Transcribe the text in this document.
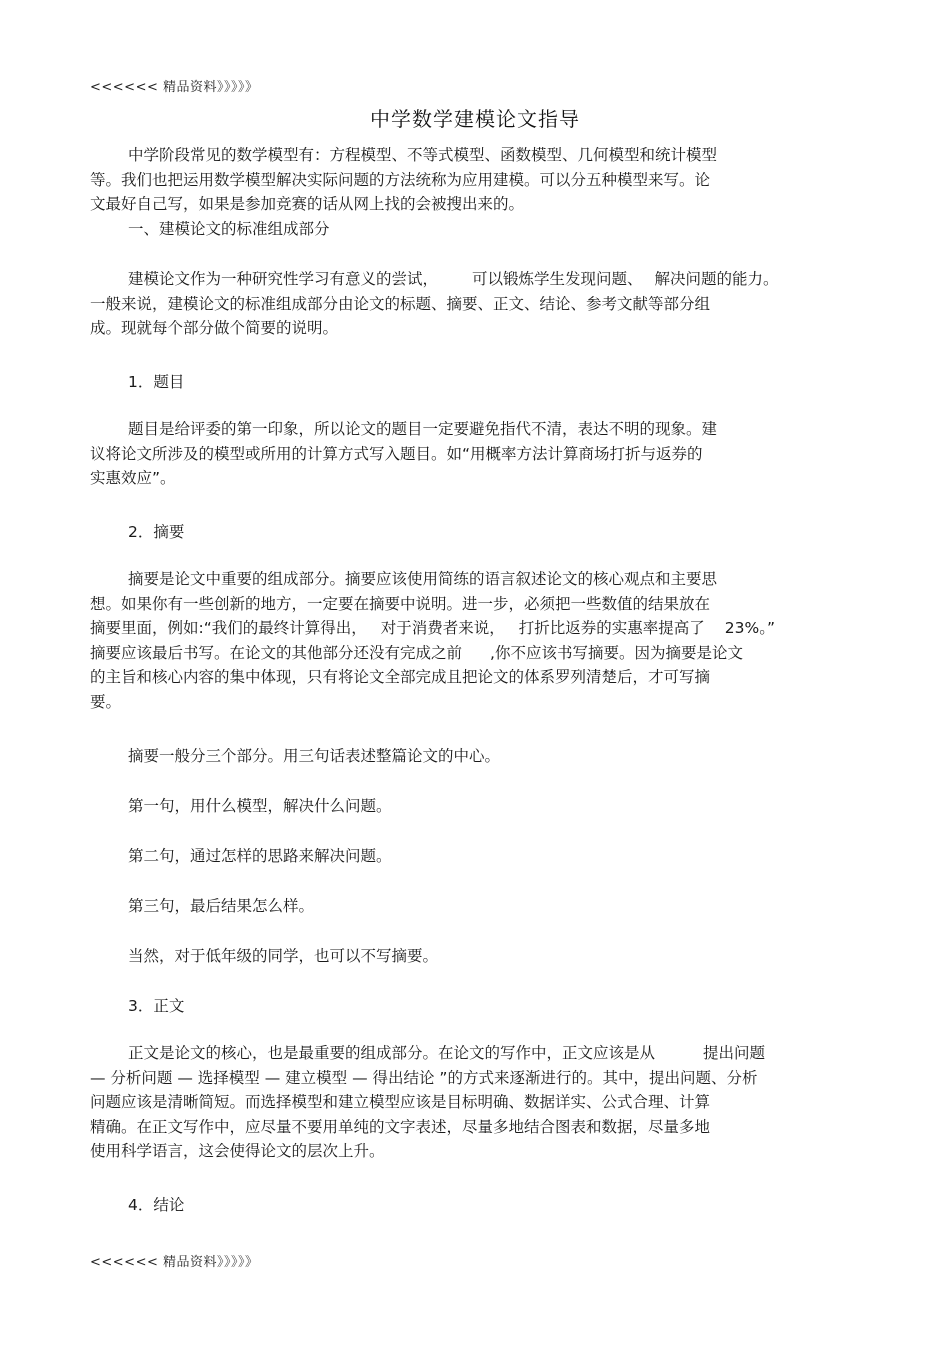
<<<<<< 精品资料》》》》》
中学数学建模论文指导
中学阶段常见的数学模型有：方程模型、不等式模型、函数模型、几何模型和统计模型
等。我们也把运用数学模型解决实际问题的方法统称为应用建模。可以分五种模型来写。论
文最好自己写，如果是参加竞赛的话从网上找的会被搜出来的。
一、建模论文的标准组成部分
建模论文作为一种研究性学习有意义的尝试， 可以锻炼学生发现问题、 解决问题的能力。
一般来说，建模论文的标准组成部分由论文的标题、摘要、正文、结论、参考文献等部分组
成。现就每个部分做个简要的说明。
1．题目
题目是给评委的第一印象，所以论文的题目一定要避免指代不清，表达不明的现象。建
议将论文所涉及的模型或所用的计算方式写入题目。如“用概率方法计算商场打折与返券的
实惠效应”。
2．摘要
摘要是论文中重要的组成部分。摘要应该使用简练的语言叙述论文的核心观点和主要思
想。如果你有一些创新的地方，一定要在摘要中说明。进一步，必须把一些数值的结果放在
摘要里面，例如:“我们的最终计算得出， 对于消费者来说， 打折比返券的实惠率提高了 23%。”
摘要应该最后书写。在论文的其他部分还没有完成之前 ,你不应该书写摘要。因为摘要是论文
的主旨和核心内容的集中体现，只有将论文全部完成且把论文的体系罗列清楚后，才可写摘
要。
摘要一般分三个部分。用三句话表述整篇论文的中心。
第一句，用什么模型，解决什么问题。
第二句，通过怎样的思路来解决问题。
第三句，最后结果怎么样。
当然，对于低年级的同学，也可以不写摘要。
3．正文
正文是论文的核心，也是最重要的组成部分。在论文的写作中，正文应该是从	提出问题
— 分析问题 — 选择模型 — 建立模型 — 得出结论 ”的方式来逐渐进行的。其中，提出问题、分析
问题应该是清晰简短。而选择模型和建立模型应该是目标明确、数据详实、公式合理、计算
精确。在正文写作中，应尽量不要用单纯的文字表述，尽量多地结合图表和数据，尽量多地
使用科学语言，这会使得论文的层次上升。
4．结论
<<<<<< 精品资料》》》》》
